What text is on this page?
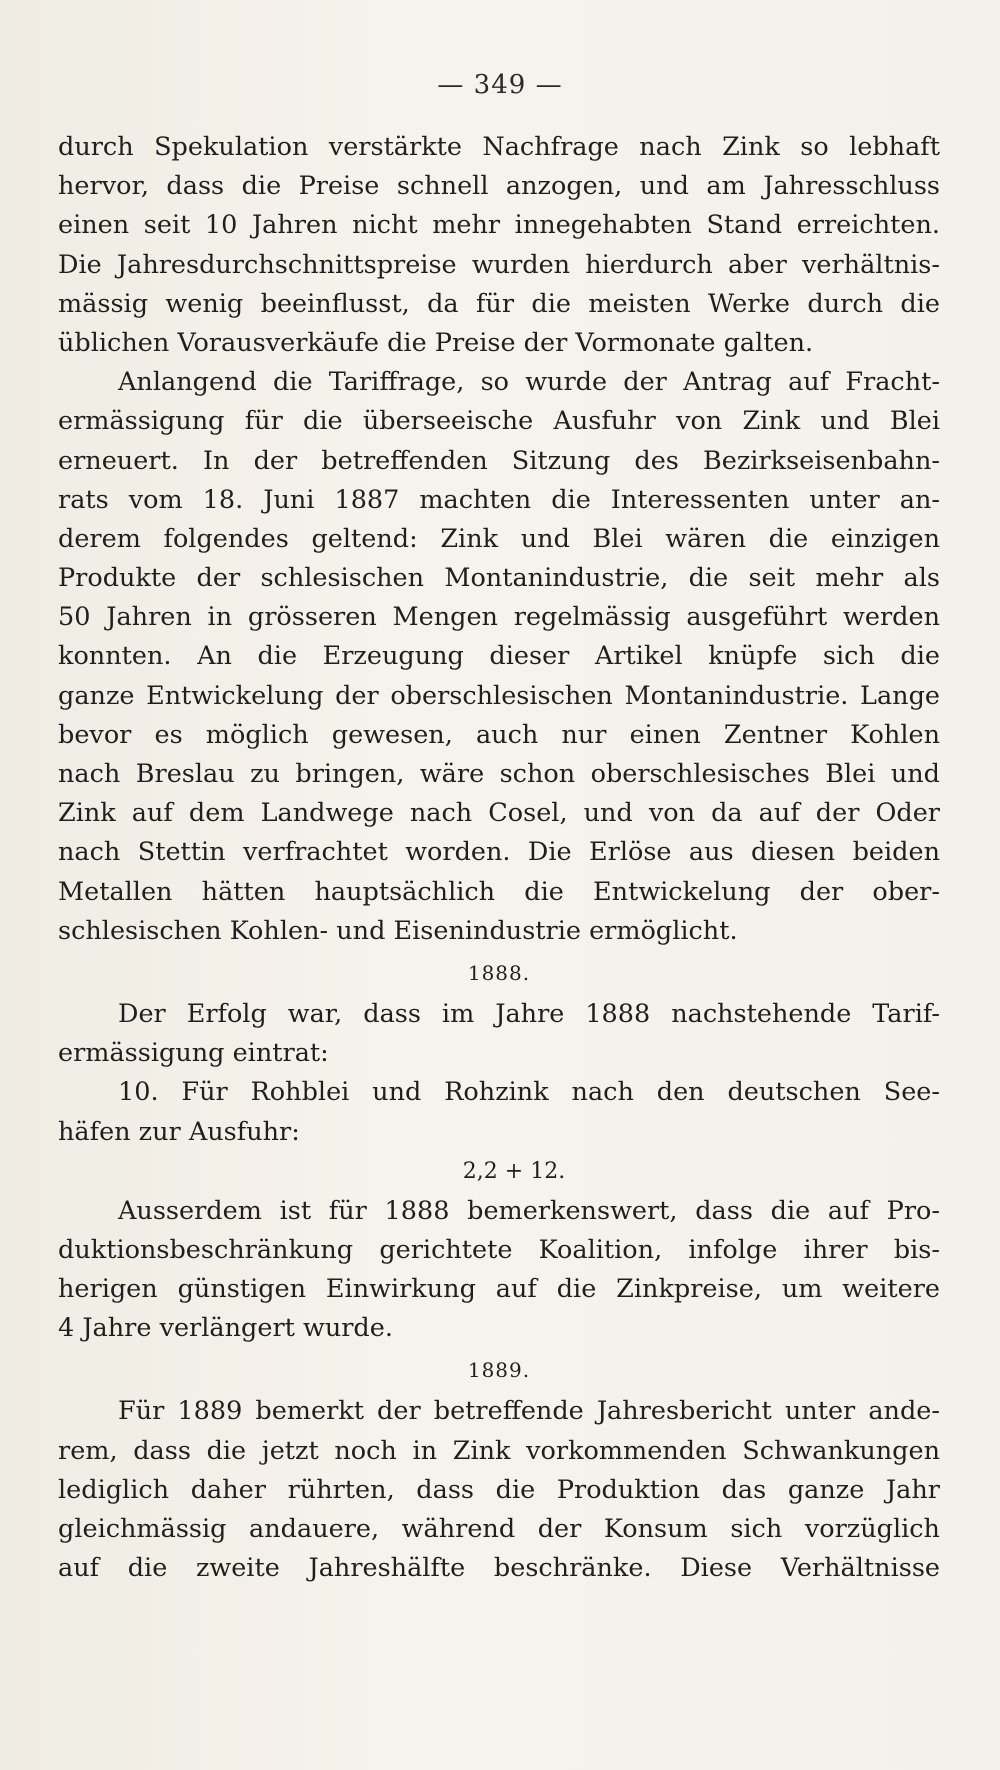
— 349 —
durch Spekulation verstärkte Nachfrage nach Zink so lebhaft
hervor, dass die Preise schnell anzogen, und am Jahresschluss
einen seit 10 Jahren nicht mehr innegehabten Stand erreichten.
Die Jahresdurchschnittspreise wurden hierdurch aber verhältnis-
mässig wenig beeinflusst, da für die meisten Werke durch die
üblichen Vorausverkäufe die Preise der Vormonate galten.
Anlangend die Tariffrage, so wurde der Antrag auf Fracht-
ermässigung für die überseeische Ausfuhr von Zink und Blei
erneuert. In der betreffenden Sitzung des Bezirkseisenbahn-
rats vom 18. Juni 1887 machten die Interessenten unter an-
derem folgendes geltend: Zink und Blei wären die einzigen
Produkte der schlesischen Montanindustrie, die seit mehr als
50 Jahren in grösseren Mengen regelmässig ausgeführt werden
konnten. An die Erzeugung dieser Artikel knüpfe sich die
ganze Entwickelung der oberschlesischen Montanindustrie. Lange
bevor es möglich gewesen, auch nur einen Zentner Kohlen
nach Breslau zu bringen, wäre schon oberschlesisches Blei und
Zink auf dem Landwege nach Cosel, und von da auf der Oder
nach Stettin verfrachtet worden. Die Erlöse aus diesen beiden
Metallen hätten hauptsächlich die Entwickelung der ober-
schlesischen Kohlen- und Eisenindustrie ermöglicht.
1888.
Der Erfolg war, dass im Jahre 1888 nachstehende Tarif-
ermässigung eintrat:
10. Für Rohblei und Rohzink nach den deutschen See-
häfen zur Ausfuhr:
2,2 + 12.
Ausserdem ist für 1888 bemerkenswert, dass die auf Pro-
duktionsbeschränkung gerichtete Koalition, infolge ihrer bis-
herigen günstigen Einwirkung auf die Zinkpreise, um weitere
4 Jahre verlängert wurde.
1889.
Für 1889 bemerkt der betreffende Jahresbericht unter ande-
rem, dass die jetzt noch in Zink vorkommenden Schwankungen
lediglich daher rührten, dass die Produktion das ganze Jahr
gleichmässig andauere, während der Konsum sich vorzüglich
auf die zweite Jahreshälfte beschränke. Diese Verhältnisse
